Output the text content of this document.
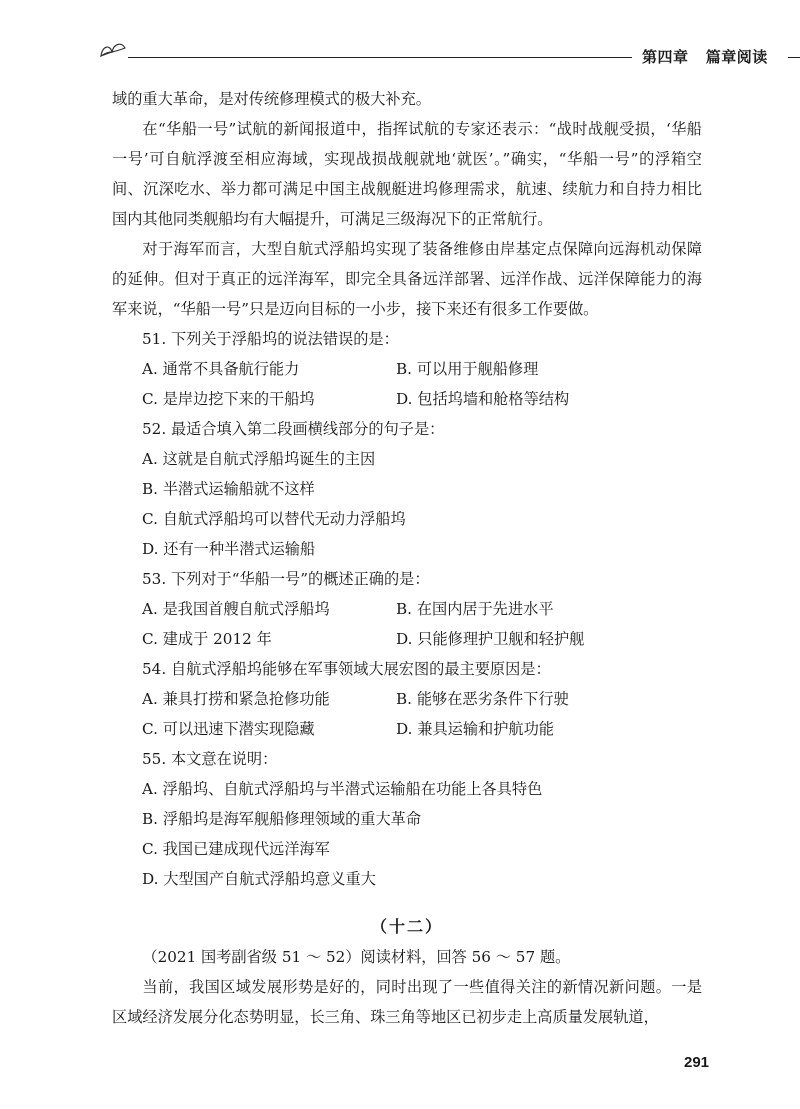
第四章 篇章阅读

域的重大革命，是对传统修理模式的极大补充。

在“华船一号”试航的新闻报道中，指挥试航的专家还表示：“战时战舰受损，‘华船一号’可自航浮渡至相应海域，实现战损战舰就地‘就医’。”确实，“华船一号”的浮箱空间、沉深吃水、举力都可满足中国主战舰艇进坞修理需求，航速、续航力和自持力相比国内其他同类舰船均有大幅提升，可满足三级海况下的正常航行。

对于海军而言，大型自航式浮船坞实现了装备维修由岸基定点保障向远海机动保障的延伸。但对于真正的远洋海军，即完全具备远洋部署、远洋作战、远洋保障能力的海军来说，“华船一号”只是迈向目标的一小步，接下来还有很多工作要做。

51. 下列关于浮船坞的说法错误的是：

A. 通常不具备航行能力	B. 可以用于舰船修理
C. 是岸边挖下来的干船坞	D. 包括坞墙和舱格等结构

52. 最适合填入第二段画横线部分的句子是：

A. 这就是自航式浮船坞诞生的主因

B. 半潜式运输船就不这样

C. 自航式浮船坞可以替代无动力浮船坞

D. 还有一种半潜式运输船

53. 下列对于“华船一号”的概述正确的是：

A. 是我国首艘自航式浮船坞	B. 在国内居于先进水平
C. 建成于 2012 年	D. 只能修理护卫舰和轻护舰

54. 自航式浮船坞能够在军事领域大展宏图的最主要原因是：

A. 兼具打捞和紧急抢修功能	B. 能够在恶劣条件下行驶
C. 可以迅速下潜实现隐藏	D. 兼具运输和护航功能

55. 本文意在说明：

A. 浮船坞、自航式浮船坞与半潜式运输船在功能上各具特色

B. 浮船坞是海军舰船修理领域的重大革命

C. 我国已建成现代远洋海军

D. 大型国产自航式浮船坞意义重大

（十二）

（2021 国考副省级 51 ～ 52）阅读材料，回答 56 ～ 57 题。

当前，我国区域发展形势是好的，同时出现了一些值得关注的新情况新问题。一是区域经济发展分化态势明显，长三角、珠三角等地区已初步走上高质量发展轨道，

291
